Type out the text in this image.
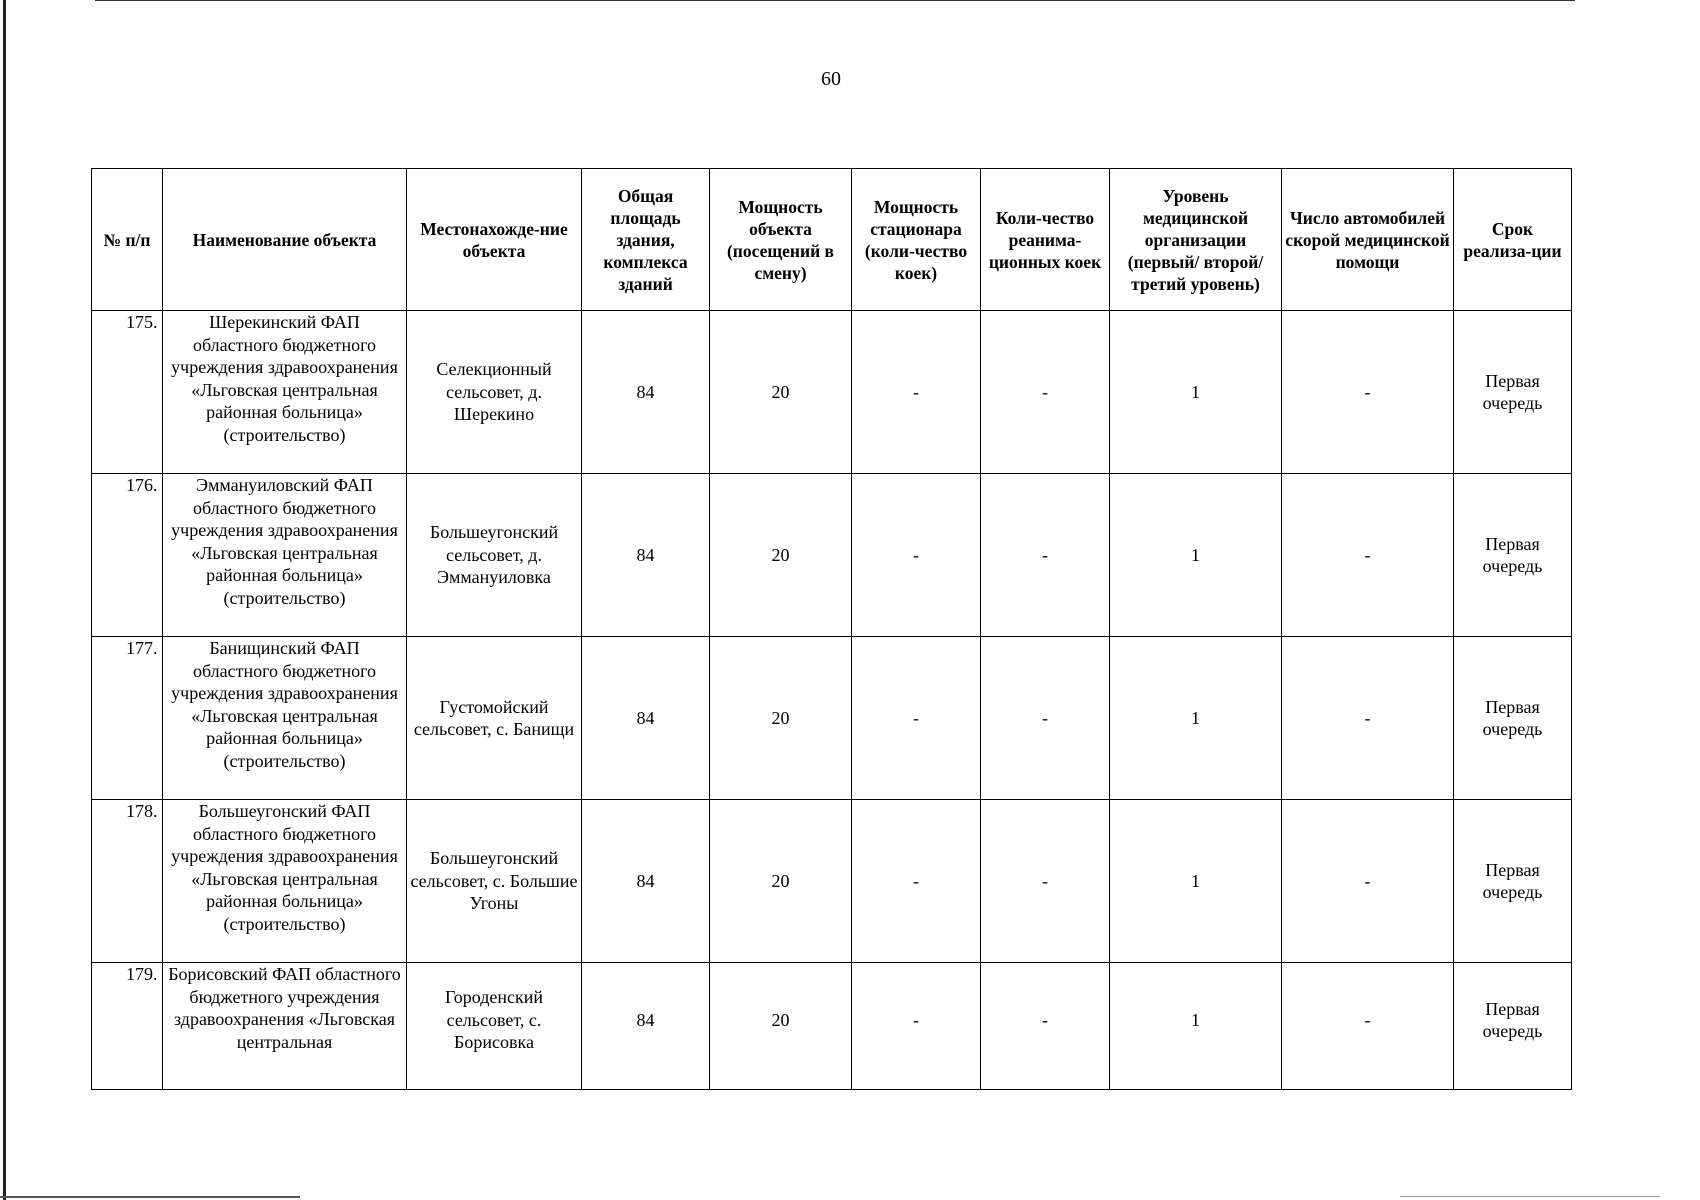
60
№ п/п	Наименование объекта	Местонахожде-ние объекта	Общая площадь здания, комплекса зданий	Мощность объекта (посещений в смену)	Мощность стационара (коли-чество коек)	Коли-чество реанима-ционных коек	Уровень медицинской организации (первый/ второй/ третий уровень)	Число автомобилей скорой медицинской помощи	Срок реализа-ции
175.	Шерекинский ФАП областного бюджетного учреждения здравоохранения «Льговская центральная районная больница» (строительство)	Селекционный сельсовет, д. Шерекино	84	20	-	-	1	-	Первая очередь
176.	Эммануиловский ФАП областного бюджетного учреждения здравоохранения «Льговская центральная районная больница» (строительство)	Большеугонский сельсовет, д. Эммануиловка	84	20	-	-	1	-	Первая очередь
177.	Банищинский ФАП областного бюджетного учреждения здравоохранения «Льговская центральная районная больница» (строительство)	Густомойский сельсовет, с. Банищи	84	20	-	-	1	-	Первая очередь
178.	Большеугонский ФАП областного бюджетного учреждения здравоохранения «Льговская центральная районная больница» (строительство)	Большеугонский сельсовет, с. Большие Угоны	84	20	-	-	1	-	Первая очередь
179.	Борисовский ФАП областного бюджетного учреждения здравоохранения «Льговская центральная	Городенский сельсовет, с. Борисовка	84	20	-	-	1	-	Первая очередь
